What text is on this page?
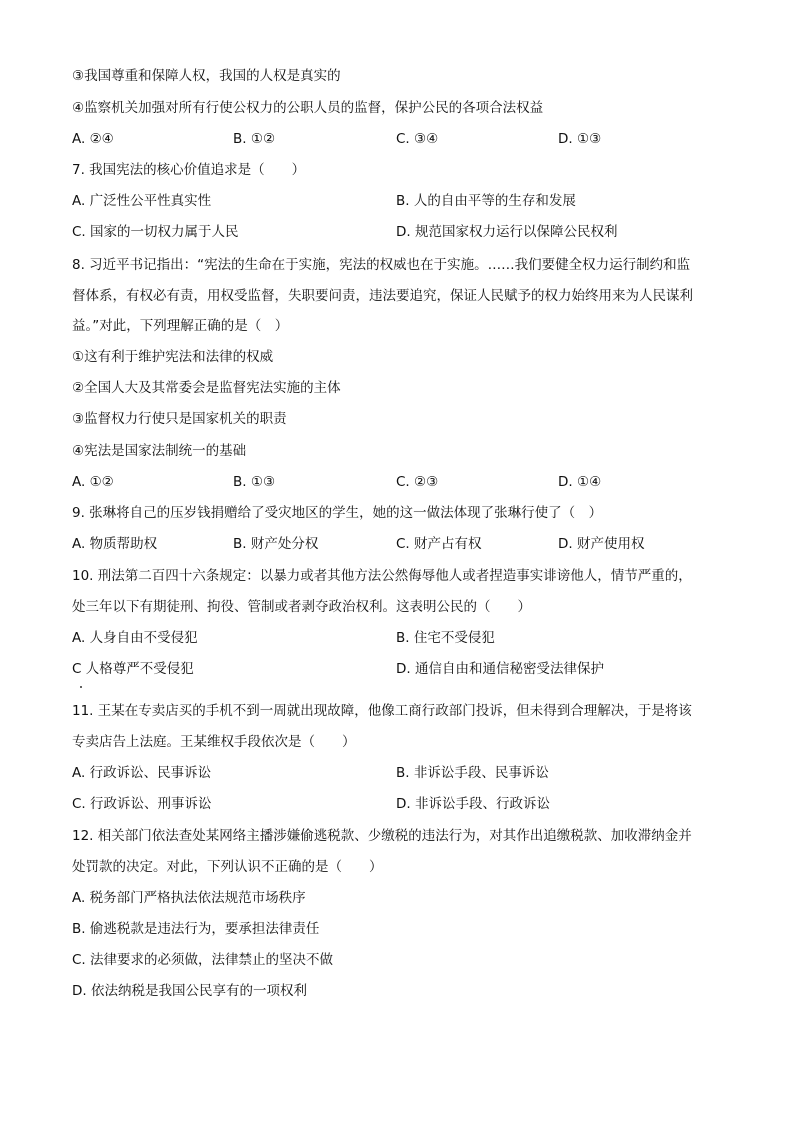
③我国尊重和保障人权，我国的人权是真实的
④监察机关加强对所有行使公权力的公职人员的监督，保护公民的各项合法权益
A. ②④	B. ①②	C. ③④	D. ①③
7. 我国宪法的核心价值追求是（　　）
A. 广泛性公平性真实性	B. 人的自由平等的生存和发展
C. 国家的一切权力属于人民	D. 规范国家权力运行以保障公民权利
8. 习近平书记指出：“宪法的生命在于实施，宪法的权威也在于实施。……我们要健全权力运行制约和监
督体系，有权必有责，用权受监督，失职要问责，违法要追究，保证人民赋予的权力始终用来为人民谋利
益。”对此，下列理解正确的是（　）
①这有利于维护宪法和法律的权威
②全国人大及其常委会是监督宪法实施的主体
③监督权力行使只是国家机关的职责
④宪法是国家法制统一的基础
A. ①②	B. ①③	C. ②③	D. ①④
9. 张琳将自己的压岁钱捐赠给了受灾地区的学生，她的这一做法体现了张琳行使了（　）
A. 物质帮助权	B. 财产处分权	C. 财产占有权	D. 财产使用权
10. 刑法第二百四十六条规定：以暴力或者其他方法公然侮辱他人或者捏造事实诽谤他人，情节严重的，
处三年以下有期徒刑、拘役、管制或者剥夺政治权利。这表明公民的（　　）
A. 人身自由不受侵犯	B. 住宅不受侵犯
C 人格尊严不受侵犯	D. 通信自由和通信秘密受法律保护
11. 王某在专卖店买的手机不到一周就出现故障，他像工商行政部门投诉，但未得到合理解决，于是将该
专卖店告上法庭。王某维权手段依次是（　　）
A. 行政诉讼、民事诉讼	B. 非诉讼手段、民事诉讼
C. 行政诉讼、刑事诉讼	D. 非诉讼手段、行政诉讼
12. 相关部门依法查处某网络主播涉嫌偷逃税款、少缴税的违法行为，对其作出追缴税款、加收滞纳金并
处罚款的决定。对此，下列认识不正确的是（　　）
A. 税务部门严格执法依法规范市场秩序
B. 偷逃税款是违法行为，要承担法律责任
C. 法律要求的必须做，法律禁止的坚决不做
D. 依法纳税是我国公民享有的一项权利
